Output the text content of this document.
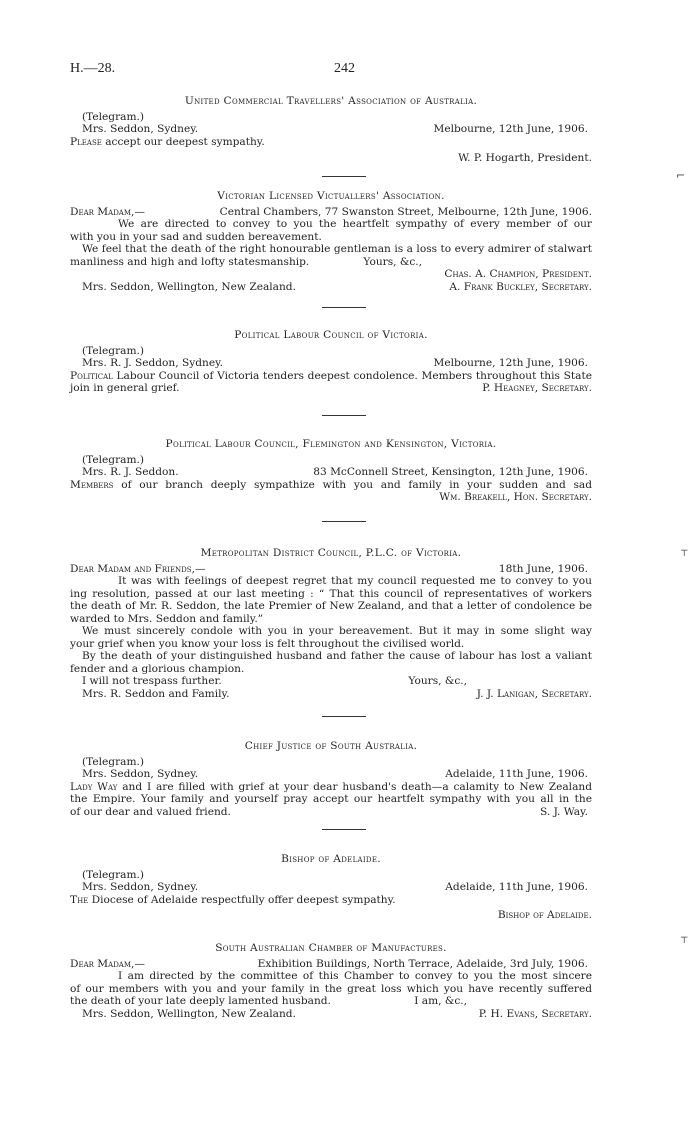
H.—28.	242
United Commercial Travellers' Association of Australia.
(Telegram.)
Mrs. Seddon, Sydney.	Melbourne, 12th June, 1906.
Please accept our deepest sympathy.
W. P. Hogarth, President.
Victorian Licensed Victuallers' Association.
Dear Madam,—	Central Chambers, 77 Swanston Street, Melbourne, 12th June, 1906.
We are directed to convey to you the heartfelt sympathy of every member of our
with you in your sad and sudden bereavement.
We feel that the death of the right honourable gentleman is a loss to every admirer of stalwart
manliness and high and lofty statesmanship.	Yours, &c.,
Chas. A. Champion, President.
Mrs. Seddon, Wellington, New Zealand.	A. Frank Buckley, Secretary.
Political Labour Council of Victoria.
(Telegram.)
Mrs. R. J. Seddon, Sydney.	Melbourne, 12th June, 1906.
Political Labour Council of Victoria tenders deepest condolence. Members throughout this State
join in general grief.	P. Heagney, Secretary.
Political Labour Council, Flemington and Kensington, Victoria.
(Telegram.)
Mrs. R. J. Seddon.	83 McConnell Street, Kensington, 12th June, 1906.
Members of our branch deeply sympathize with you and family in your sudden and sad
Wm. Breakell, Hon. Secretary.
Metropolitan District Council, P.L.C. of Victoria.
Dear Madam and Friends,—	18th June, 1906.
It was with feelings of deepest regret that my council requested me to convey to you
ing resolution, passed at our last meeting : “ That this council of representatives of workers
the death of Mr. R. Seddon, the late Premier of New Zealand, and that a letter of condolence be
warded to Mrs. Seddon and family.”
We must sincerely condole with you in your bereavement. But it may in some slight way
your grief when you know your loss is felt throughout the civilised world.
By the death of your distinguished husband and father the cause of labour has lost a valiant
fender and a glorious champion.
I will not trespass further.	Yours, &c.,
Mrs. R. Seddon and Family.	J. J. Lanigan, Secretary.
Chief Justice of South Australia.
(Telegram.)
Mrs. Seddon, Sydney.	Adelaide, 11th June, 1906.
Lady Way and I are filled with grief at your dear husband's death—a calamity to New Zealand
the Empire. Your family and yourself pray accept our heartfelt sympathy with you all in the
of our dear and valued friend.	S. J. Way.
Bishop of Adelaide.
(Telegram.)
Mrs. Seddon, Sydney.	Adelaide, 11th June, 1906.
The Diocese of Adelaide respectfully offer deepest sympathy.
Bishop of Adelaide.
South Australian Chamber of Manufactures.
Dear Madam,—	Exhibition Buildings, North Terrace, Adelaide, 3rd July, 1906.
I am directed by the committee of this Chamber to convey to you the most sincere
of our members with you and your family in the great loss which you have recently suffered
the death of your late deeply lamented husband.	I am, &c.,
Mrs. Seddon, Wellington, New Zealand.	P. H. Evans, Secretary.
⌐
⊤
⊤
